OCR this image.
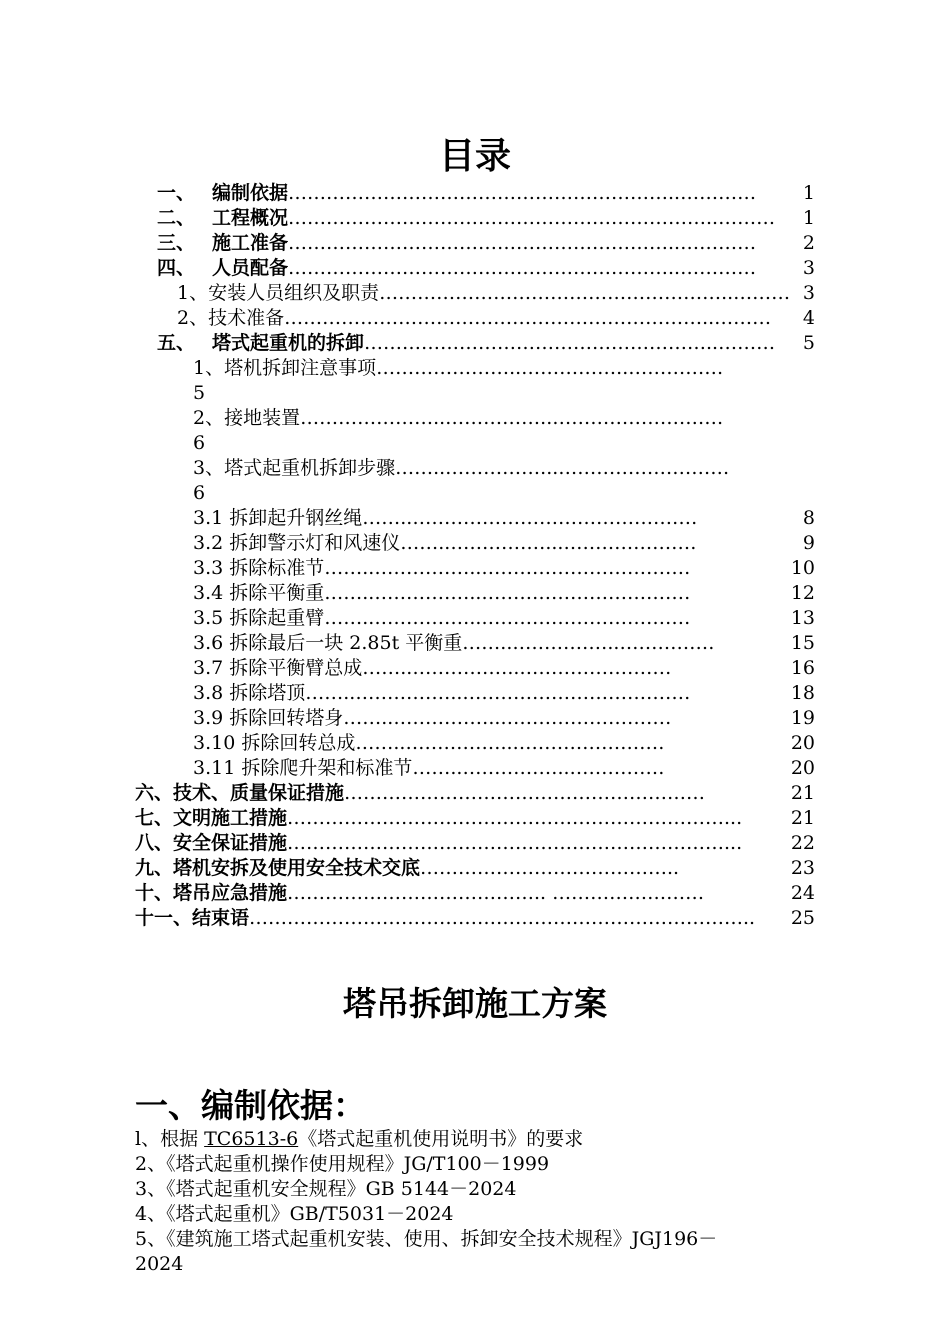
目录
一、 编制依据 ……………………………………………………..…………	1
二、 工程概况 …………………………………………………………..………	1
三、 施工准备 ……………………………………………………..…………	2
四、 人员配备 ……………………………………………………..…………	3
1、安装人员组织及职责 ………………………………………………..……… 3
2、技术准备 …………………………………………………………..………	4
五、 塔式起重机的拆卸 ………………………………………………..………	5
1、塔机拆卸注意事项 …………………..……………..……………
5
2、接地装置 …………………..……………..………………………
6
3、塔式起重机拆卸步骤 ……..……………...………………………
6
3.1 拆卸起升钢丝绳 ……..………………………………………	8
3.2 拆卸警示灯和风速仪 ……..……………...…………………	9
3.3 拆除标准节 ……..……………..……………………………	10
3.4 拆除平衡重 ……..……………..……………………………	12
3.5 拆除起重臂 ……..……………..……………………………	13
3.6 拆除最后一块 2.85t 平衡重 ……..……………..……………	15
3.7 拆除平衡臂总成 ……..……………..……………………	16
3.8 拆除塔顶 ……..……………..………………………………	18
3.9 拆除回转塔身 ……..……………..………………………	19
3.10 拆除回转总成 ……..……………..……………………	20
3.11 拆除爬升架和标准节 ……..……………..……………	20
六、技术、质量保证措施 …………………………………………………	21
七、文明施工措施 ……………………………………………………………...	21
八、安全保证措施 ……………………………………………………………...	22
九、塔机安拆及使用安全技术交底 …………………………………..	23
十、塔吊应急措施 ………………………………….. ……………………	24
十一、结束语 ……………………………………………………………………..	25
塔吊拆卸施工方案
一、编制依据：
l、根据 TC6513-6《塔式起重机使用说明书》的要求
2、《塔式起重机操作使用规程》JG/T100－1999
3、《塔式起重机安全规程》GB 5144－2024
4、《塔式起重机》GB/T5031－2024
5、《建筑施工塔式起重机安装、使用、拆卸安全技术规程》JGJ196－
2024
